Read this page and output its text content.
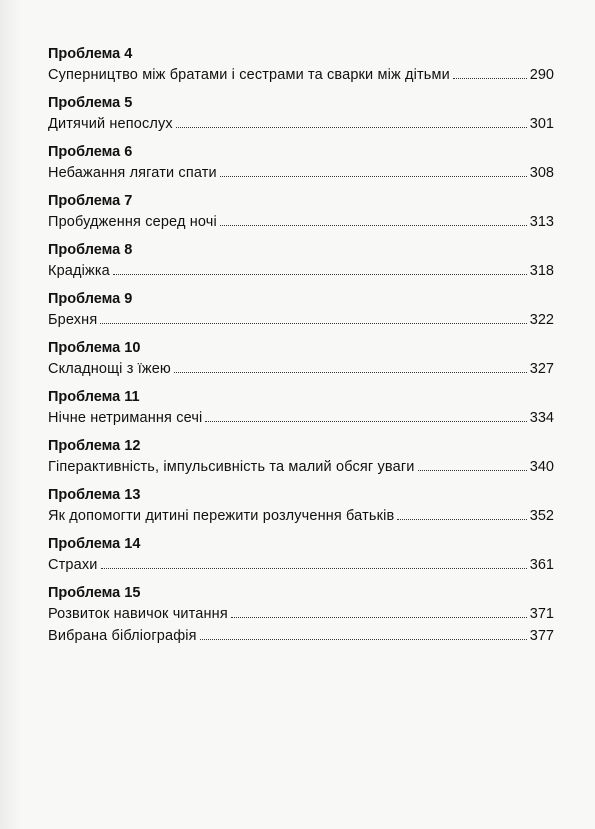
Проблема 4
Суперництво між братами і сестрами та сварки між дітьми	290
Проблема 5
Дитячий непослух	301
Проблема 6
Небажання лягати спати	308
Проблема 7
Пробудження серед ночі	313
Проблема 8
Крадіжка	318
Проблема 9
Брехня	322
Проблема 10
Складнощі з їжею	327
Проблема 11
Нічне нетримання сечі	334
Проблема 12
Гіперактивність, імпульсивність та малий обсяг уваги	340
Проблема 13
Як допомогти дитині пережити розлучення батьків	352
Проблема 14
Страхи	361
Проблема 15
Розвиток навичок читання	371
Вибрана бібліографія	377
